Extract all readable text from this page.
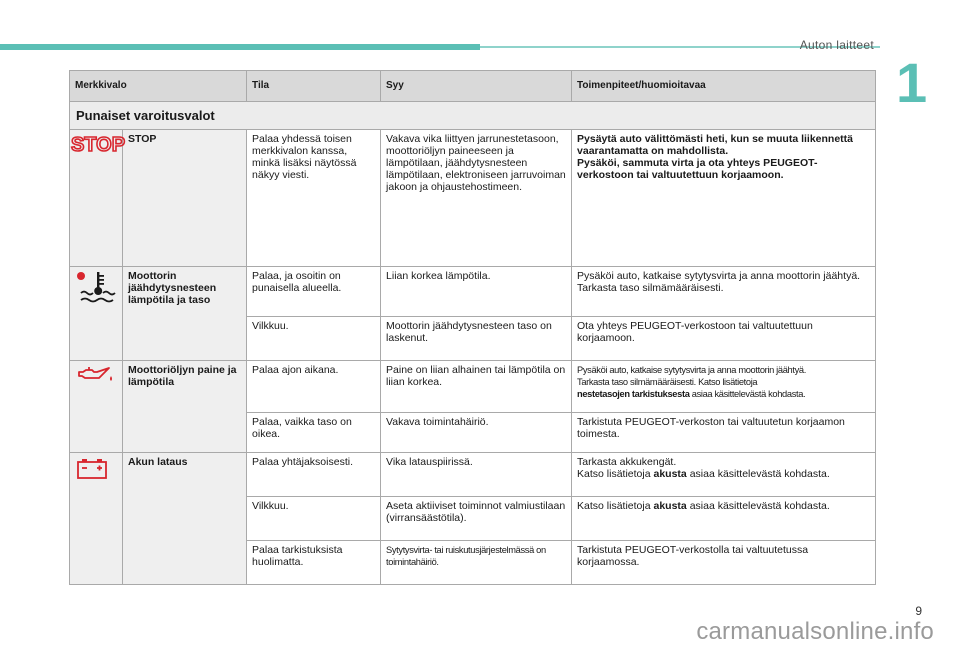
Auton laitteet
1
Merkkivalo		Tila	Syy	Toimenpiteet/huomioitavaa
Punaiset varoitusvalot				

STOP	STOP	Palaa yhdessä toisen merkkivalon kanssa, minkä lisäksi näytössä näkyy viesti.	Vakava vika liittyen jarrunestetasoon, moottoriöljyn paineeseen ja lämpötilaan, jäähdytysnesteen lämpötilaan, elektroniseen jarruvoiman jakoon ja ohjaustehostimeen.	Pysäytä auto välittömästi heti, kun se muuta liikennettä vaarantamatta on mahdollista.
Pysäköi, sammuta virta ja ota yhteys PEUGEOT-verkostoon tai valtuutettuun korjaamoon.

	Moottorin jäähdytysnesteen lämpötila ja taso	Palaa, ja osoitin on punaisella alueella.	Liian korkea lämpötila.	Pysäköi auto, katkaise sytytysvirta ja anna moottorin jäähtyä.
Tarkasta taso silmämääräisesti.

		Vilkkuu.	Moottorin jäähdytysnesteen taso on laskenut.	Ota yhteys PEUGEOT-verkostoon tai valtuutettuun korjaamoon.
	Moottoriöljyn paine ja lämpötila	Palaa ajon aikana.	Paine on liian alhainen tai lämpötila on liian korkea.	Pysäköi auto, katkaise sytytysvirta ja anna moottorin jäähtyä.
Tarkasta taso silmämääräisesti. Katso lisätietoja
nestetasojen tarkistuksesta asiaa käsittelevästä kohdasta.

		Palaa, vaikka taso on oikea.	Vakava toimintahäiriö.	Tarkistuta PEUGEOT-verkoston tai valtuutetun korjaamon toimesta.
	Akun lataus	Palaa yhtäjaksoisesti.	Vika latauspiirissä.	Tarkasta akkukengät.
Katso lisätietoja akusta asiaa käsittelevästä kohdasta.

		Vilkkuu.	Aseta aktiiviset toiminnot valmiustilaan (virransäästötila).	Katso lisätietoja akusta asiaa käsittelevästä kohdasta.
		Palaa tarkistuksista huolimatta.	Sytytysvirta- tai ruiskutusjärjestelmässä on toimintahäiriö.	Tarkistuta PEUGEOT-verkostolla tai valtuutetussa korjaamossa.
9
carmanualsonline.info
